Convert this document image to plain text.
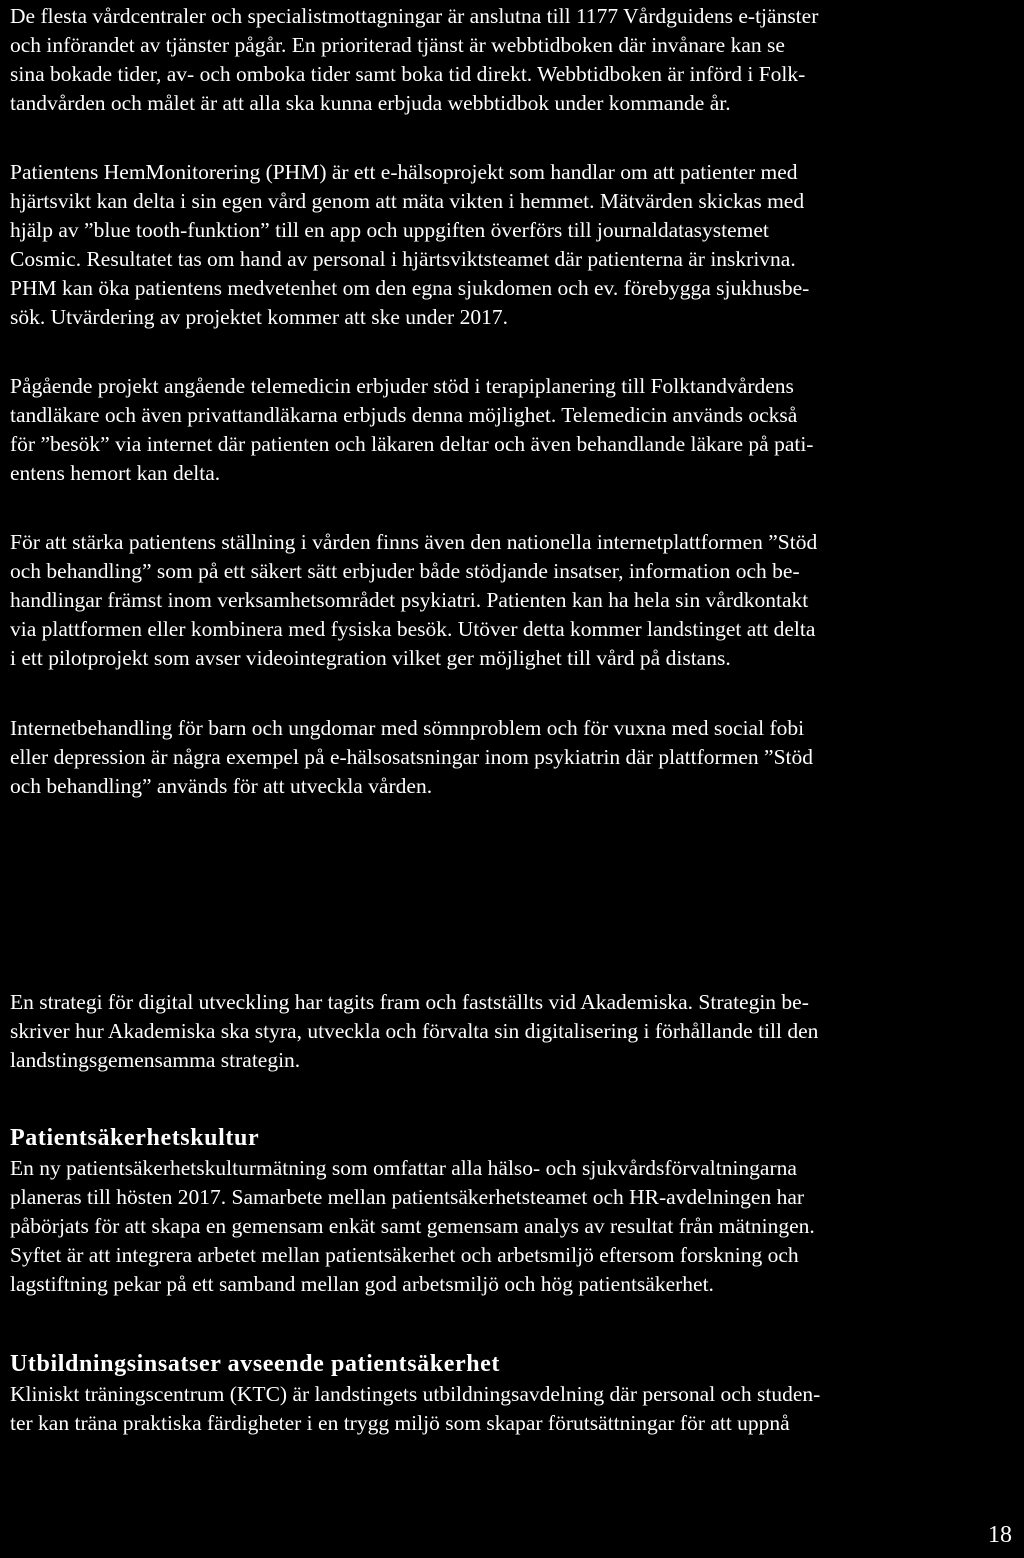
De flesta vårdcentraler och specialistmottagningar är anslutna till 1177 Vårdguidens e-tjänster
och införandet av tjänster pågår. En prioriterad tjänst är webbtidboken där invånare kan se
sina bokade tider, av- och omboka tider samt boka tid direkt. Webbtidboken är införd i Folk-
tandvården och målet är att alla ska kunna erbjuda webbtidbok under kommande år.

Patientens HemMonitorering (PHM) är ett e-hälsoprojekt som handlar om att patienter med
hjärtsvikt kan delta i sin egen vård genom att mäta vikten i hemmet. Mätvärden skickas med
hjälp av ”blue tooth-funktion” till en app och uppgiften överförs till journaldatasystemet
Cosmic. Resultatet tas om hand av personal i hjärtsviktsteamet där patienterna är inskrivna.
PHM kan öka patientens medvetenhet om den egna sjukdomen och ev. förebygga sjukhusbe-
sök. Utvärdering av projektet kommer att ske under 2017.

Pågående projekt angående telemedicin erbjuder stöd i terapiplanering till Folktandvårdens
tandläkare och även privattandläkarna erbjuds denna möjlighet. Telemedicin används också
för ”besök” via internet där patienten och läkaren deltar och även behandlande läkare på pati-
entens hemort kan delta.

För att stärka patientens ställning i vården finns även den nationella internetplattformen ”Stöd
och behandling” som på ett säkert sätt erbjuder både stödjande insatser, information och be-
handlingar främst inom verksamhetsområdet psykiatri. Patienten kan ha hela sin vårdkontakt
via plattformen eller kombinera med fysiska besök. Utöver detta kommer landstinget att delta
i ett pilotprojekt som avser videointegration vilket ger möjlighet till vård på distans.

Internetbehandling för barn och ungdomar med sömnproblem och för vuxna med social fobi
eller depression är några exempel på e-hälsosatsningar inom psykiatrin där plattformen ”Stöd
och behandling” används för att utveckla vården.

En strategi för digital utveckling har tagits fram och fastställts vid Akademiska. Strategin be-
skriver hur Akademiska ska styra, utveckla och förvalta sin digitalisering i förhållande till den
landstingsgemensamma strategin.

Patientsäkerhetskultur

En ny patientsäkerhetskulturmätning som omfattar alla hälso- och sjukvårdsförvaltningarna
planeras till hösten 2017. Samarbete mellan patientsäkerhetsteamet och HR-avdelningen har
påbörjats för att skapa en gemensam enkät samt gemensam analys av resultat från mätningen.
Syftet är att integrera arbetet mellan patientsäkerhet och arbetsmiljö eftersom forskning och
lagstiftning pekar på ett samband mellan god arbetsmiljö och hög patientsäkerhet.

Utbildningsinsatser avseende patientsäkerhet

Kliniskt träningscentrum (KTC) är landstingets utbildningsavdelning där personal och studen-
ter kan träna praktiska färdigheter i en trygg miljö som skapar förutsättningar för att uppnå

18
